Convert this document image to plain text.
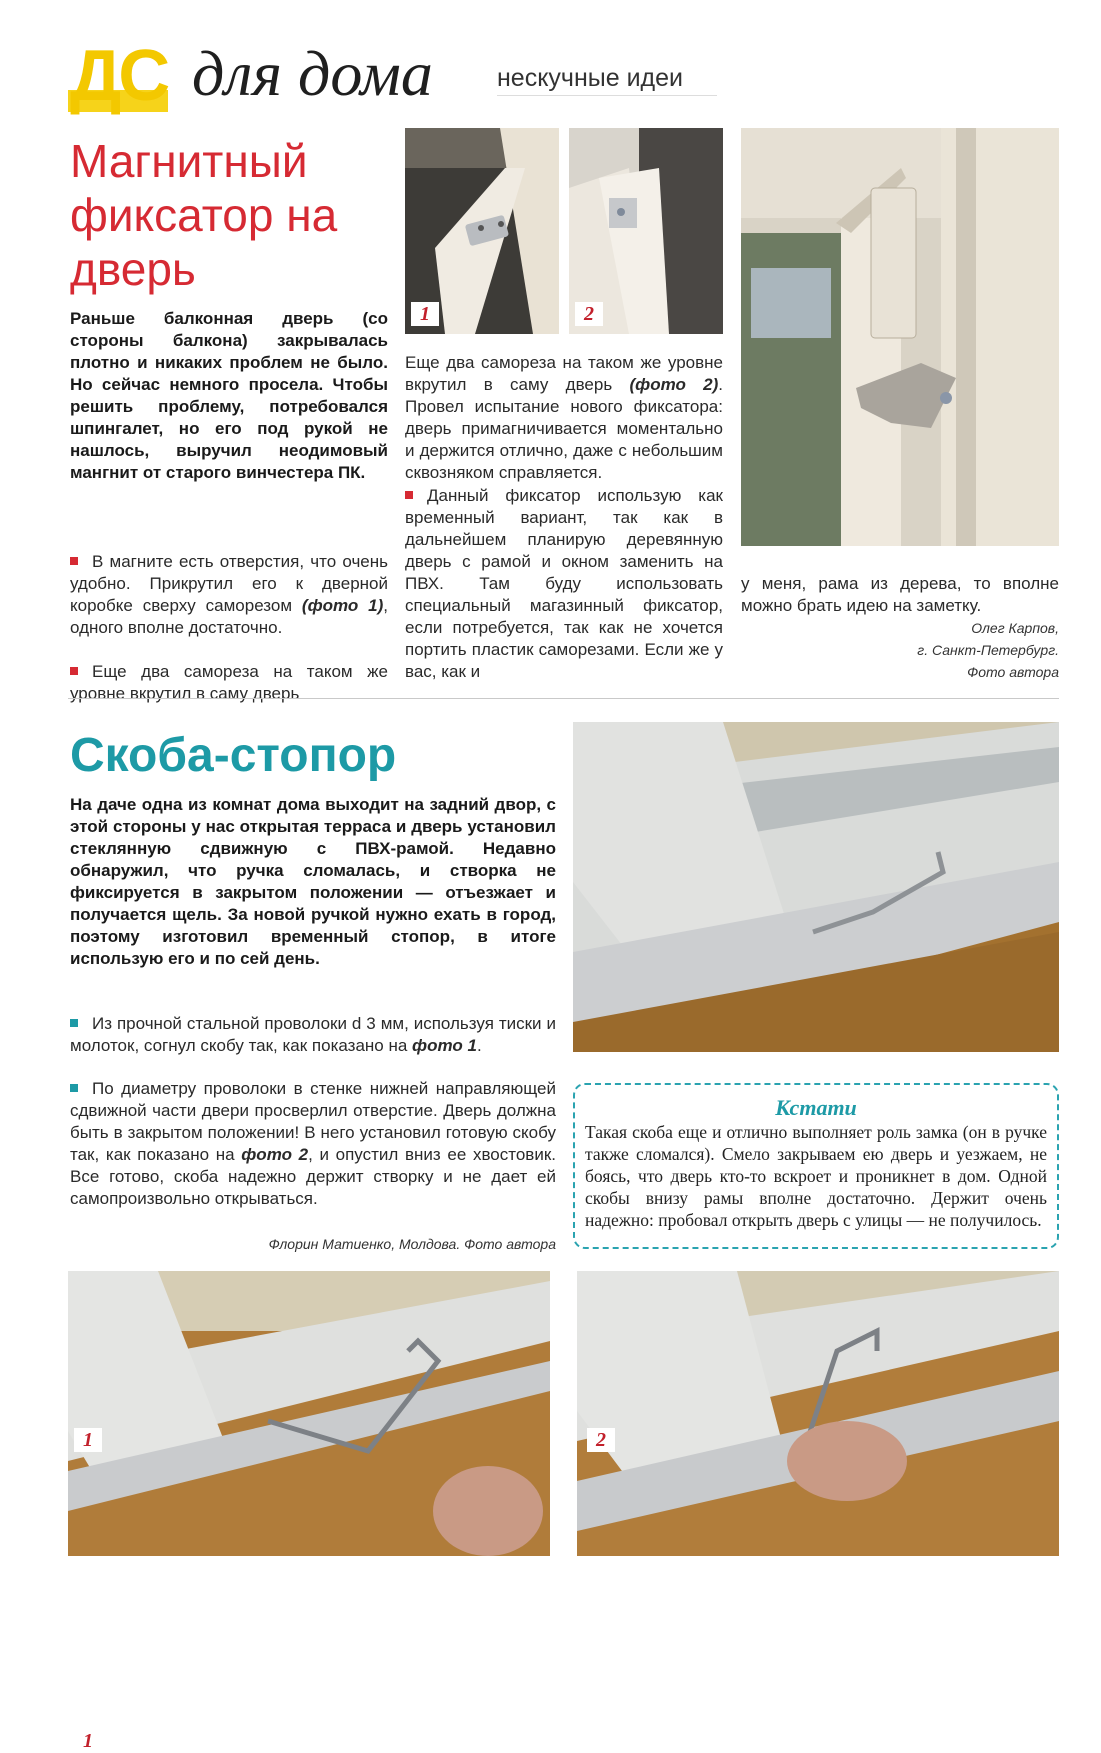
ДС для дома	нескучные идеи
Магнитный фиксатор на дверь
Раньше балконная дверь (со стороны балкона) закрывалась плотно и никаких проблем не было. Но сейчас немного просела. Чтобы решить проблему, потребовался шпингалет, но его под рукой не нашлось, выручил неодимовый мангнит от старого винчестера ПК.
В магните есть отверстия, что очень удобно. Прикрутил его к дверной коробке сверху саморезом (фото 1), одного вполне достаточно.
Еще два самореза на таком же уровне вкрутил в саму дверь
Еще два самореза на таком же уровне вкрутил в саму дверь (фото 2). Провел испытание нового фиксатора: дверь примагничивается моментально и держится отлично, даже с небольшим сквозняком справляется.
Данный фиксатор использую как временный вариант, так как в дальнейшем планирую деревянную дверь с рамой и окном заменить на ПВХ. Там буду использовать специальный магазинный фиксатор, если потребуется, так как не хочется портить пластик саморезами. Если же у вас, как и
у меня, рама из дерева, то вполне можно брать идею на заметку.
Олег Карпов,
г. Санкт-Петербург.
Фото автора
1	2
Скоба-стопор
На даче одна из комнат дома выходит на задний двор, с этой стороны у нас открытая терраса и дверь установил стеклянную сдвижную с ПВХ-рамой. Недавно обнаружил, что ручка сломалась, и створка не фиксируется в закрытом положении — отъезжает и получается щель. За новой ручкой нужно ехать в город, поэтому изготовил временный стопор, в итоге использую его и по сей день.
Из прочной стальной проволоки d 3 мм, используя тиски и молоток, согнул скобу так, как показано на фото 1.
По диаметру проволоки в стенке нижней направляющей сдвижной части двери просверлил отверстие. Дверь должна быть в закрытом положении! В него установил готовую скобу так, как показано на фото 2, и опустил вниз ее хвостовик. Все готово, скоба надежно держит створку и не дает ей самопроизвольно открываться.
Флорин Матиенко, Молдова. Фото автора
1
1	2
Кстати
Такая скоба еще и отлично выполняет роль замка (он в ручке также сломался). Смело закрываем ею дверь и уезжаем, не боясь, что дверь кто-то вскроет и проникнет в дом. Одной скобы внизу рамы вполне достаточно. Держит очень надежно: пробовал открыть дверь с улицы — не получилось.
